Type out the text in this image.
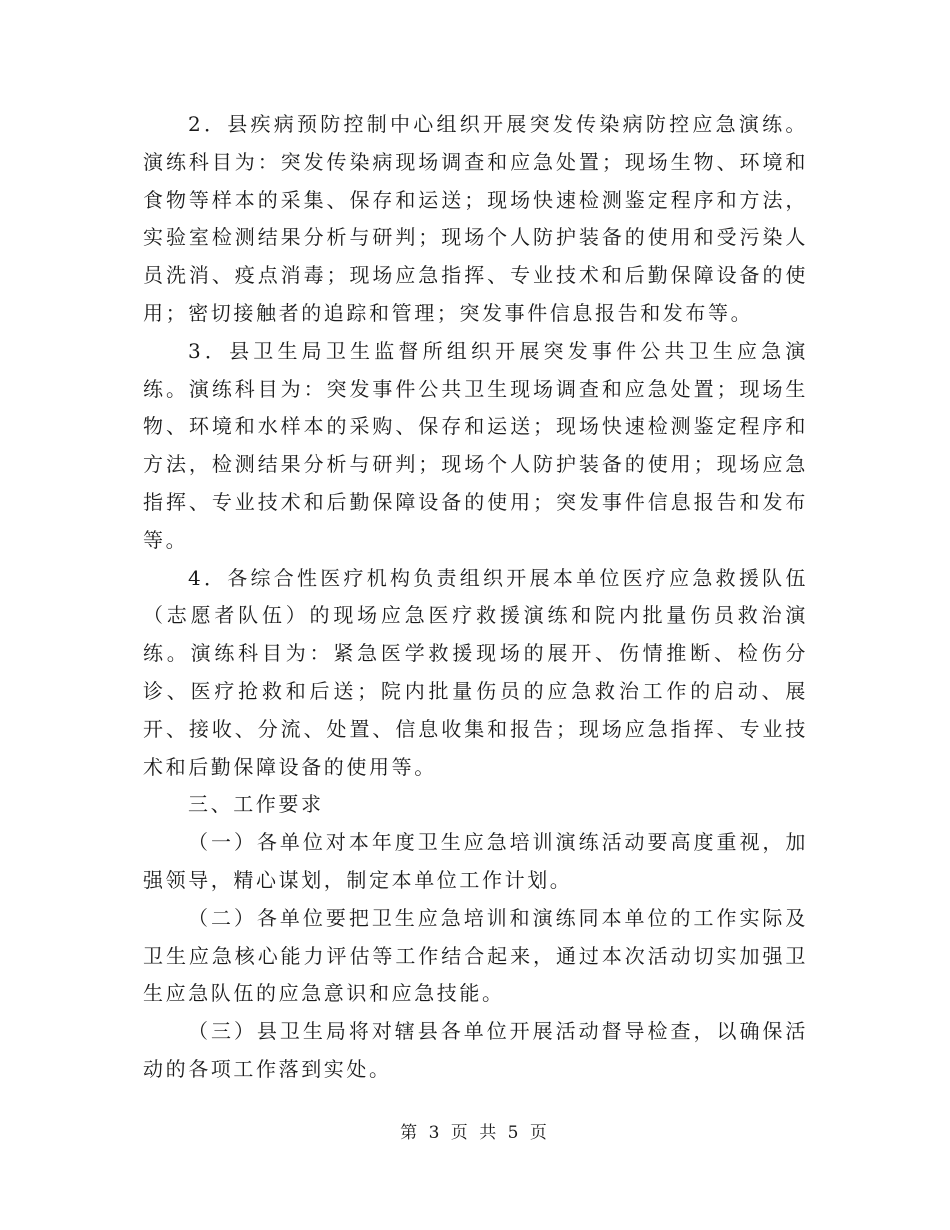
2．县疾病预防控制中心组织开展突发传染病防控应急演练。演练科目为：突发传染病现场调查和应急处置；现场生物、环境和食物等样本的采集、保存和运送；现场快速检测鉴定程序和方法，实验室检测结果分析与研判；现场个人防护装备的使用和受污染人员洗消、疫点消毒；现场应急指挥、专业技术和后勤保障设备的使用；密切接触者的追踪和管理；突发事件信息报告和发布等。

3．县卫生局卫生监督所组织开展突发事件公共卫生应急演练。演练科目为：突发事件公共卫生现场调查和应急处置；现场生物、环境和水样本的采购、保存和运送；现场快速检测鉴定程序和方法，检测结果分析与研判；现场个人防护装备的使用；现场应急指挥、专业技术和后勤保障设备的使用；突发事件信息报告和发布等。

4．各综合性医疗机构负责组织开展本单位医疗应急救援队伍（志愿者队伍）的现场应急医疗救援演练和院内批量伤员救治演练。演练科目为：紧急医学救援现场的展开、伤情推断、检伤分诊、医疗抢救和后送；院内批量伤员的应急救治工作的启动、展开、接收、分流、处置、信息收集和报告；现场应急指挥、专业技术和后勤保障设备的使用等。

三、工作要求

（一）各单位对本年度卫生应急培训演练活动要高度重视，加强领导，精心谋划，制定本单位工作计划。

（二）各单位要把卫生应急培训和演练同本单位的工作实际及卫生应急核心能力评估等工作结合起来，通过本次活动切实加强卫生应急队伍的应急意识和应急技能。

（三）县卫生局将对辖县各单位开展活动督导检查，以确保活动的各项工作落到实处。

第 3 页 共 5 页
